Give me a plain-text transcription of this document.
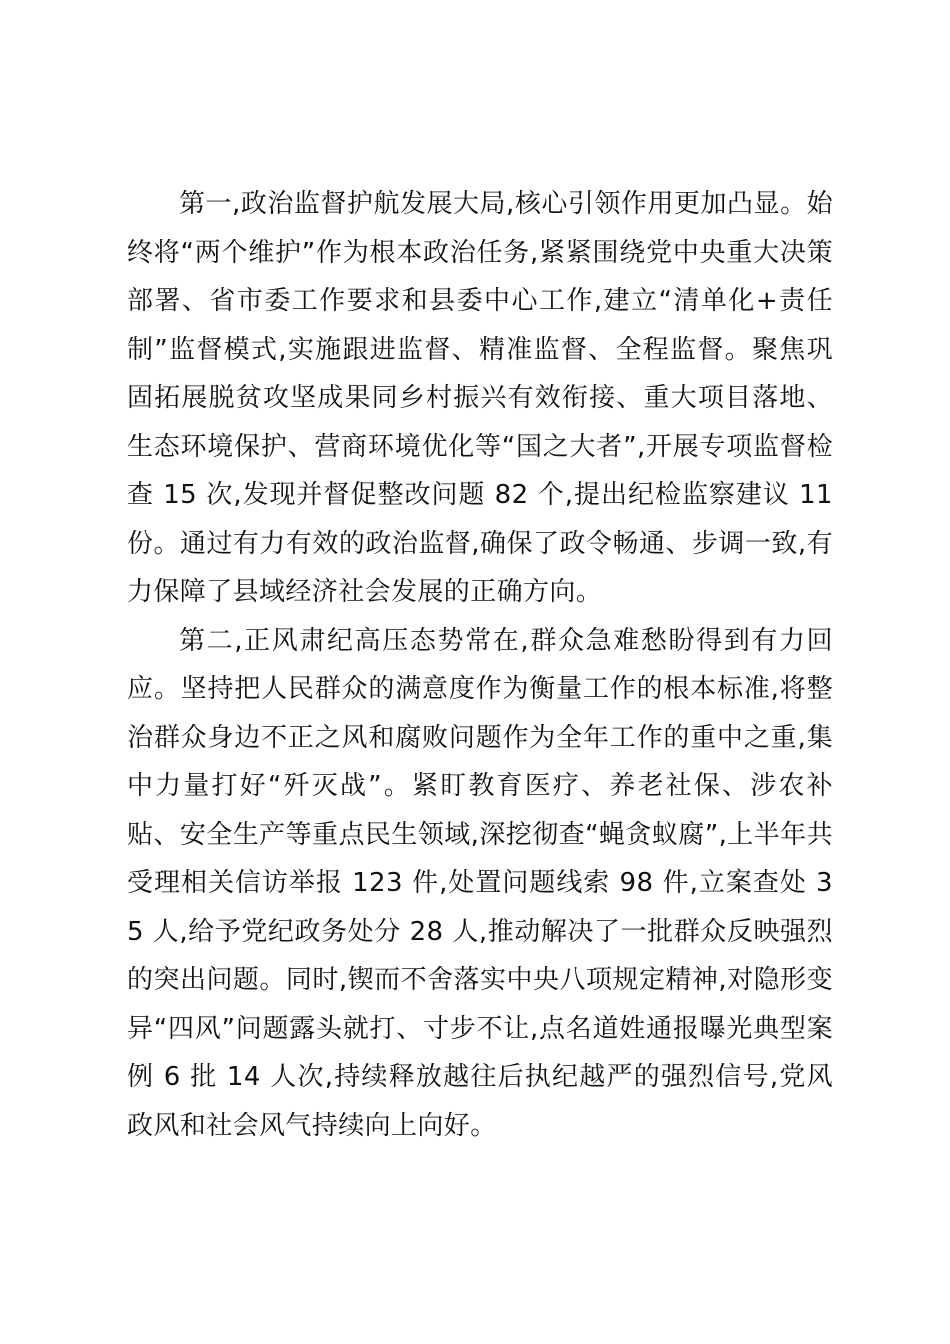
第一,政治监督护航发展大局,核心引领作用更加凸显。始终将“两个维护”作为根本政治任务,紧紧围绕党中央重大决策部署、省市委工作要求和县委中心工作,建立“清单化+责任制”监督模式,实施跟进监督、精准监督、全程监督。聚焦巩固拓展脱贫攻坚成果同乡村振兴有效衔接、重大项目落地、生态环境保护、营商环境优化等“国之大者”,开展专项监督检查 15 次,发现并督促整改问题 82 个,提出纪检监察建议 11 份。通过有力有效的政治监督,确保了政令畅通、步调一致,有力保障了县域经济社会发展的正确方向。

第二,正风肃纪高压态势常在,群众急难愁盼得到有力回应。坚持把人民群众的满意度作为衡量工作的根本标准,将整治群众身边不正之风和腐败问题作为全年工作的重中之重,集中力量打好“歼灭战”。紧盯教育医疗、养老社保、涉农补贴、安全生产等重点民生领域,深挖彻查“蝇贪蚁腐”,上半年共受理相关信访举报 123 件,处置问题线索 98 件,立案查处 35 人,给予党纪政务处分 28 人,推动解决了一批群众反映强烈的突出问题。同时,锲而不舍落实中央八项规定精神,对隐形变异“四风”问题露头就打、寸步不让,点名道姓通报曝光典型案例 6 批 14 人次,持续释放越往后执纪越严的强烈信号,党风政风和社会风气持续向上向好。
